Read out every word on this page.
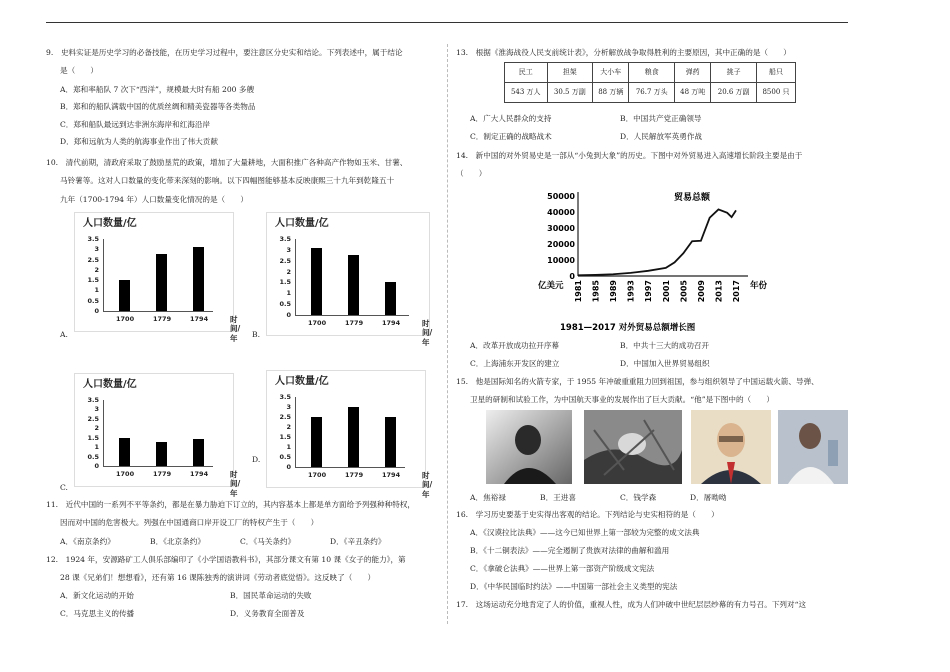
9.　史料实证是历史学习的必备技能，在历史学习过程中，要注意区分史实和结论。下列表述中，属于结论
是（　　）
A．郑和率船队 7 次下“西洋”，规模最大时有船 200 多艘
B．郑和的船队满载中国的优质丝绸和精美瓷器等各类物品
C．郑和船队最远到达非洲东海岸和红海沿岸
D．郑和远航为人类的航海事业作出了伟大贡献
10.　清代前期，清政府采取了鼓励垦荒的政策，增加了大量耕地，大面积推广各种高产作物如玉米、甘薯、
马铃薯等。这对人口数量的变化带来深刻的影响。以下四幅图能够基本反映康熙三十九年到乾隆五十
九年（1700-1794 年）人口数量变化情况的是（　　）
人口数量/亿
0
0.5
1
1.5
2
2.5
3
3.5
1700	1779	1794	时间/年
A.
人口数量/亿
0
0.5
1
1.5
2
2.5
3
3.5
1700	1779	1794	时间/年
B.
人口数量/亿
0
0.5
1
1.5
2
2.5
3
3.5
1700	1779	1794	时间/年
C.
人口数量/亿
0
0.5
1
1.5
2
2.5
3
3.5
1700	1779	1794	时间/年
D.
11.　近代中国的一系列不平等条约，都是在暴力胁迫下订立的，其内容基本上都是单方面给予列强种种特权，
因而对中国的危害极大。列强在中国通商口岸开设工厂的特权产生于（　　）
A．《南京条约》	B．《北京条约》	C．《马关条约》	D．《辛丑条约》
12.　1924 年，安源路矿工人俱乐部编印了《小学国语教科书》，其部分课文有第 10 课《女子的能力》，第
28 课《兄弟们！想想看》，还有第 16 课陈独秀的演讲词《劳动者底觉悟》。这反映了（　　）
A．新文化运动的开始	B．国民革命运动的失败
C．马克思主义的传播	D．义务教育全面普及
13.　根据《淮海战役人民支前统计表》，分析解放战争取得胜利的主要原因，其中正确的是（　　）
民工	担架	大小车	粮食	弹药	挑子	船只
543 万人	30.5 万副	88 万辆	76.7 万头	48 万吨	20.6 万副	8500 只
A．广大人民群众的支持	B．中国共产党正确领导
C．制定正确的战略战术	D．人民解放军英勇作战
14.　新中国的对外贸易史是一部从“小兔到大象”的历史。下图中对外贸易进入高速增长阶段主要是由于
（　　）
0
10000
20000
30000
40000
50000
1981 1985 1989 1993 1997 2001 2005 2009 2013 2017
贸易总额
亿美元	年份
1981—2017 对外贸易总额增长图
A．改革开放成功拉开序幕	B．中共十三大的成功召开
C．上海浦东开发区的建立	D．中国加入世界贸易组织
15.　他是国际知名的火箭专家，于 1955 年冲破重重阻力回到祖国，参与组织领导了中国运载火箭、导弹、
卫星的研制和试验工作，为中国航天事业的发展作出了巨大贡献。“他”是下图中的（　　）
A．焦裕禄	B．王进喜	C．钱学森	D．屠呦呦
16.　学习历史要基于史实得出客观的结论。下列结论与史实相符的是（　　）
A．《汉谟拉比法典》——这今已知世界上第一部较为完整的成文法典
B．《十二铜表法》——完全遏制了贵族对法律的曲解和滥用
C．《拿破仑法典》——世界上第一部资产阶级成文宪法
D．《中华民国临时约法》——中国第一部社会主义类型的宪法
17.　这场运动充分地肯定了人的价值，重视人性，成为人们冲破中世纪层层纱幕的有力号召。下列对“这
